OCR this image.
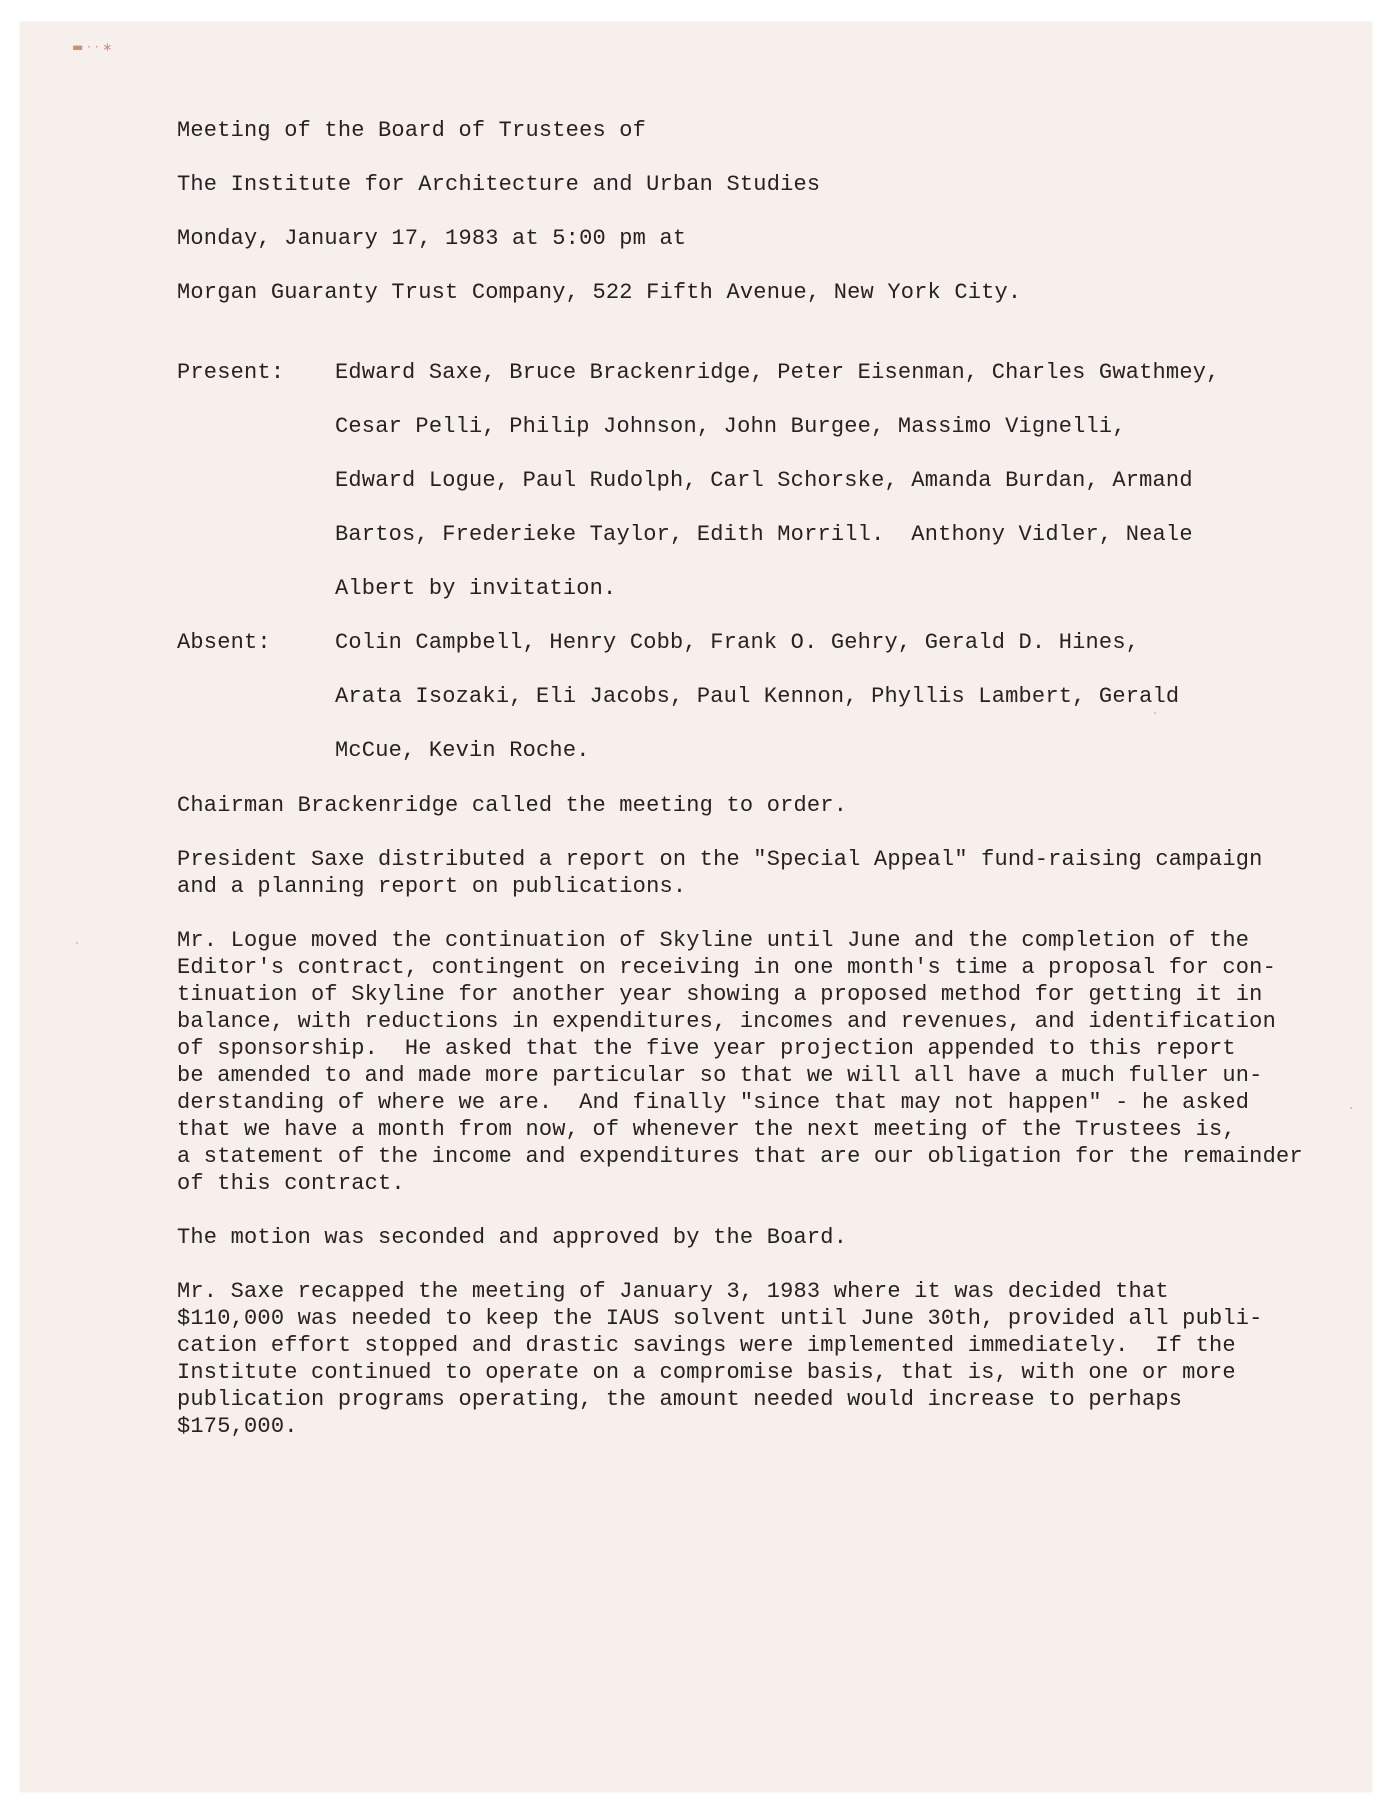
▬ · · ∗

Meeting of the Board of Trustees of

The Institute for Architecture and Urban Studies

Monday, January 17, 1983 at 5:00 pm at

Morgan Guaranty Trust Company, 522 Fifth Avenue, New York City.

Present:

Edward Saxe, Bruce Brackenridge, Peter Eisenman, Charles Gwathmey,

Cesar Pelli, Philip Johnson, John Burgee, Massimo Vignelli,

Edward Logue, Paul Rudolph, Carl Schorske, Amanda Burdan, Armand

Bartos, Frederieke Taylor, Edith Morrill.  Anthony Vidler, Neale

Albert by invitation.

Absent:

	Colin Campbell, Henry Cobb, Frank O. Gehry, Gerald D. Hines,

Arata Isozaki, Eli Jacobs, Paul Kennon, Phyllis Lambert, Gerald

McCue, Kevin Roche.

Chairman Brackenridge called the meeting to order.

President Saxe distributed a report on the "Special Appeal" fund-raising campaign

and a planning report on publications.

Mr. Logue moved the continuation of Skyline until June and the completion of the

Editor's contract, contingent on receiving in one month's time a proposal for con-

tinuation of Skyline for another year showing a proposed method for getting it in

balance, with reductions in expenditures, incomes and revenues, and identification

of sponsorship.  He asked that the five year projection appended to this report

be amended to and made more particular so that we will all have a much fuller un-

derstanding of where we are.  And finally "since that may not happen" - he asked

that we have a month from now, of whenever the next meeting of the Trustees is,

a statement of the income and expenditures that are our obligation for the remainder

of this contract.

The motion was seconded and approved by the Board.

Mr. Saxe recapped the meeting of January 3, 1983 where it was decided that

$110,000 was needed to keep the IAUS solvent until June 30th, provided all publi-

cation effort stopped and drastic savings were implemented immediately.  If the

Institute continued to operate on a compromise basis, that is, with one or more

publication programs operating, the amount needed would increase to perhaps

$175,000.
